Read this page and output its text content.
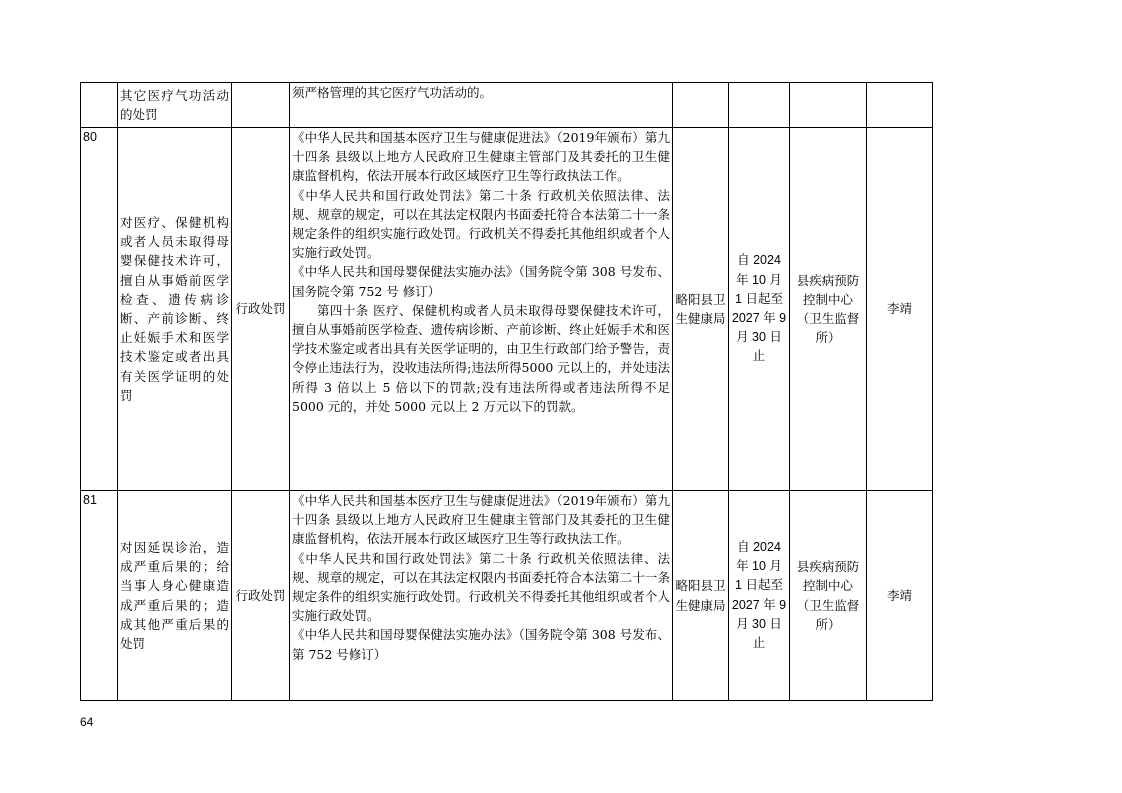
	其它医疗气功活动的处罚		须严格管理的其它医疗气功活动的。				

80	对医疗、保健机构或者人员未取得母婴保健技术许可，擅自从事婚前医学检查、遗传病诊断、产前诊断、终止妊娠手术和医学技术鉴定或者出具有关医学证明的处罚	行政处罚	《中华人民共和国基本医疗卫生与健康促进法》（2019年颁布）第九十四条 县级以上地方人民政府卫生健康主管部门及其委托的卫生健康监督机构，依法开展本行政区域医疗卫生等行政执法工作。

《中华人民共和国行政处罚法》第二十条 行政机关依照法律、法规、规章的规定，可以在其法定权限内书面委托符合本法第二十一条规定条件的组织实施行政处罚。行政机关不得委托其他组织或者个人实施行政处罚。

《中华人民共和国母婴保健法实施办法》（国务院令第 308 号发布、国务院令第 752 号 修订）

第四十条 医疗、保健机构或者人员未取得母婴保健技术许可，擅自从事婚前医学检查、遗传病诊断、产前诊断、终止妊娠手术和医学技术鉴定或者出具有关医学证明的，由卫生行政部门给予警告，责令停止违法行为，没收违法所得;违法所得5000 元以上的，并处违法所得 3 倍以上 5 倍以下的罚款;没有违法所得或者违法所得不足 5000 元的，并处 5000 元以上 2 万元以下的罚款。	略阳县卫生健康局	自 2024 年 10 月 1 日起至 2027 年 9 月 30 日止	县疾病预防控制中心（卫生监督所）	李靖
81	对因延误诊治，造成严重后果的；给当事人身心健康造成严重后果的；造成其他严重后果的处罚	行政处罚	《中华人民共和国基本医疗卫生与健康促进法》（2019年颁布）第九十四条 县级以上地方人民政府卫生健康主管部门及其委托的卫生健康监督机构，依法开展本行政区域医疗卫生等行政执法工作。

《中华人民共和国行政处罚法》第二十条 行政机关依照法律、法规、规章的规定，可以在其法定权限内书面委托符合本法第二十一条规定条件的组织实施行政处罚。行政机关不得委托其他组织或者个人实施行政处罚。

《中华人民共和国母婴保健法实施办法》（国务院令第 308 号发布、第 752 号修订）	略阳县卫生健康局	自 2024 年 10 月 1 日起至 2027 年 9 月 30 日止	县疾病预防控制中心（卫生监督所）	李靖
64
